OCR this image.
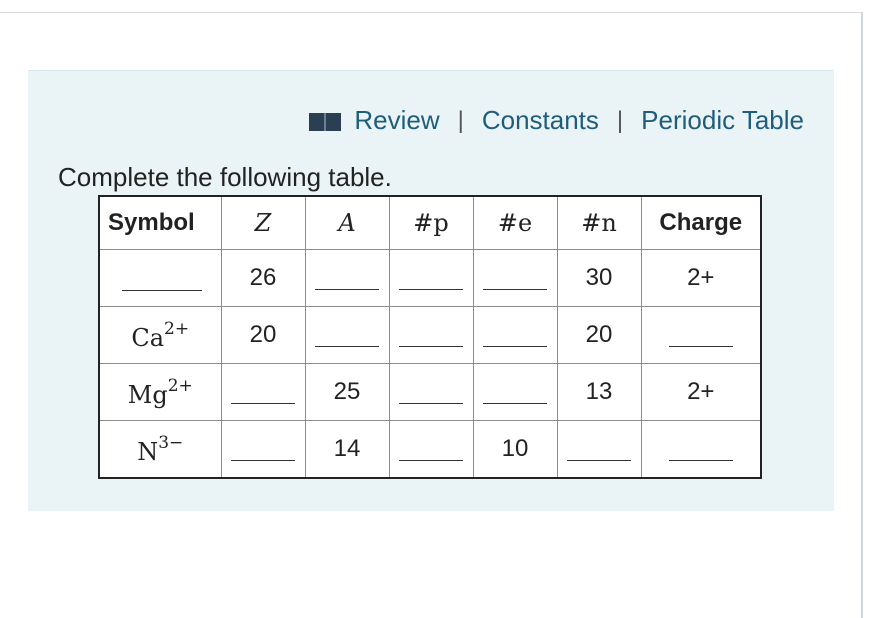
Review | Constants | Periodic Table
Complete the following table.
Symbol	Z	A	#p	#e	#n	Charge
	26				30	2+
$Ca^{2+}$	20				20	
$Mg^{2+}$		25			13	2+
$N^{3-}$		14		10		
